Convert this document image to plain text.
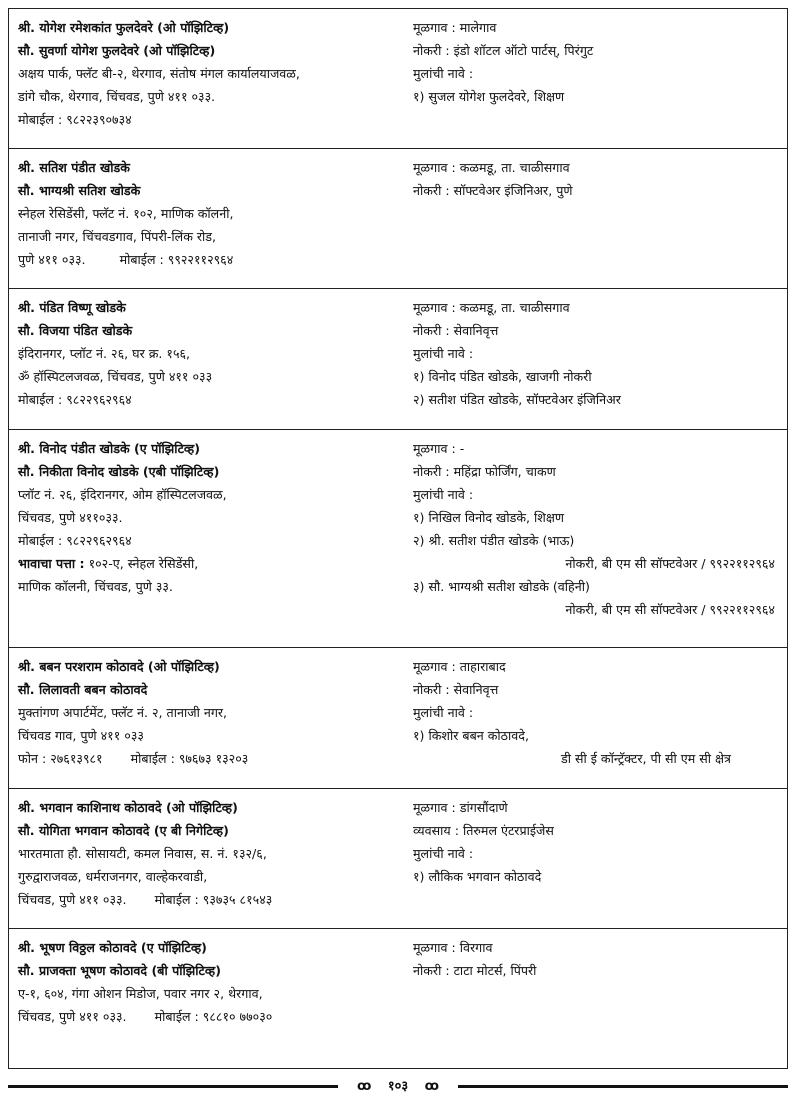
श्री. योगेश रमेशकांत फुलदेवरे (ओ पॉझिटिव्ह)
सौ. सुवर्णा योगेश फुलदेवरे (ओ पॉझिटिव्ह)
अक्षय पार्क, फ्लॅट बी-२, थेरगाव, संतोष मंगल कार्यालयाजवळ,
डांगे चौक, थेरगाव, चिंचवड, पुणे ४११ ०३३.
मोबाईल : ९८२२३९०७३४
मूळगाव : मालेगाव
नोकरी : इंडो शॉटल ऑटो पार्टस्, पिरंगुट
मुलांची नावे :
१) सुजल योगेश फुलदेवरे, शिक्षण
श्री. सतिश पंडीत खोडके
सौ. भाग्यश्री सतिश खोडके
स्नेहल रेसिडेंसी, फ्लॅट नं. १०२, माणिक कॉलनी,
तानाजी नगर, चिंचवडगाव, पिंपरी-लिंक रोड,
पुणे ४११ ०३३.	मोबाईल : ९९२२११२९६४
मूळगाव : कळमडू, ता. चाळीसगाव
नोकरी : सॉफ्टवेअर इंजिनिअर, पुणे
श्री. पंडित विष्णू खोडके
सौ. विजया पंडित खोडके
इंदिरानगर, प्लॉट नं. २६, घर क्र. १५६,
ॐ हॉस्पिटलजवळ, चिंचवड, पुणे ४११ ०३३
मोबाईल : ९८२२९६२९६४
मूळगाव : कळमडू, ता. चाळीसगाव
नोकरी : सेवानिवृत्त
मुलांची नावे :
१) विनोद पंडित खोडके, खाजगी नोकरी
२) सतीश पंडित खोडके, सॉफ्टवेअर इंजिनिअर
श्री. विनोद पंडीत खोडके (ए पॉझिटिव्ह)
सौ. निकीता विनोद खोडके (एबी पॉझिटिव्ह)
प्लॉट नं. २६, इंदिरानगर, ओम हॉस्पिटलजवळ,
चिंचवड, पुणे ४११०३३.
मोबाईल : ९८२२९६२९६४
भावाचा पत्ता : १०२-ए, स्नेहल रेसिडेंसी,
माणिक कॉलनी, चिंचवड, पुणे ३३.
मूळगाव : -
नोकरी : महिंद्रा फोर्जिंग, चाकण
मुलांची नावे :
१) निखिल विनोद खोडके, शिक्षण
२) श्री. सतीश पंडीत खोडके (भाऊ)
नोकरी, बी एम सी सॉफ्टवेअर / ९९२२११२९६४
३) सौ. भाग्यश्री सतीश खोडके (वहिनी)
नोकरी, बी एम सी सॉफ्टवेअर / ९९२२११२९६४
श्री. बबन परशराम कोठावदे (ओ पॉझिटिव्ह)
सौ. लिलावती बबन कोठावदे
मुक्तांगण अपार्टमेंट, फ्लॅट नं. २, तानाजी नगर,
चिंचवड गाव, पुणे ४११ ०३३
फोन : २७६१३९८१ मोबाईल : ९७६७३ १३२०३
मूळगाव : ताहाराबाद
नोकरी : सेवानिवृत्त
मुलांची नावे :
१) किशोर बबन कोठावदे,
डी सी ई कॉन्ट्रॅक्टर, पी सी एम सी क्षेत्र
श्री. भगवान काशिनाथ कोठावदे (ओ पॉझिटिव्ह)
सौ. योगिता भगवान कोठावदे (ए बी निगेटिव्ह)
भारतमाता हौ. सोसायटी, कमल निवास, स. नं. १३२/६,
गुरुद्वाराजवळ, धर्मराजनगर, वाल्हेकरवाडी,
चिंचवड, पुणे ४११ ०३३. मोबाईल : ९३७३५ ८१५४३
मूळगाव : डांगसौंदाणे
व्यवसाय : तिरुमल एंटरप्राईजेस
मुलांची नावे :
१) लौकिक भगवान कोठावदे
श्री. भूषण विठ्ठल कोठावदे (ए पॉझिटिव्ह)
सौ. प्राजक्ता भूषण कोठावदे (बी पॉझिटिव्ह)
ए-१, ६०४, गंगा ओशन मिडोज, पवार नगर २, थेरगाव,
चिंचवड, पुणे ४११ ०३३. मोबाईल : ९८८१० ७७०३०
मूळगाव : विरगाव
नोकरी : टाटा मोटर्स, पिंपरी
ꝏ १०३ ꝏ
